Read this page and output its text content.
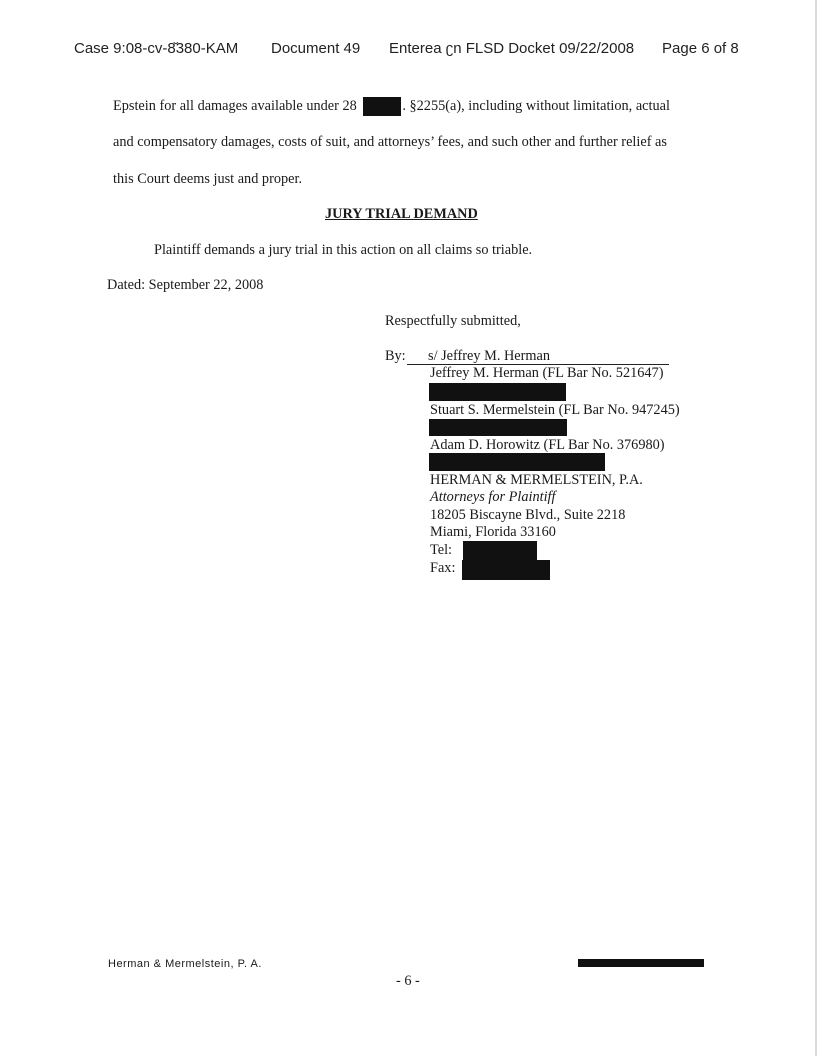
Case 9:08-cv-8̆380-KAM Document 49 Enterea ʗn FLSD Docket 09/22/2008 Page 6 of 8
Epstein for all damages available under 28	. §2255(a), including without limitation, actual
and compensatory damages, costs of suit, and attorneys’ fees, and such other and further relief as
this Court deems just and proper.
JURY TRIAL DEMAND
Plaintiff demands a jury trial in this action on all claims so triable.
Dated: September 22, 2008
Respectfully submitted,
By:	s/ Jeffrey M. Herman
Jeffrey M. Herman (FL Bar No. 521647)
Stuart S. Mermelstein (FL Bar No. 947245)
Adam D. Horowitz (FL Bar No. 376980)
HERMAN & MERMELSTEIN, P.A.
Attorneys for Plaintiff
18205 Biscayne Blvd., Suite 2218
Miami, Florida 33160
Tel:
Fax:
Herman & Mermelstein, P. A.
- 6 -
